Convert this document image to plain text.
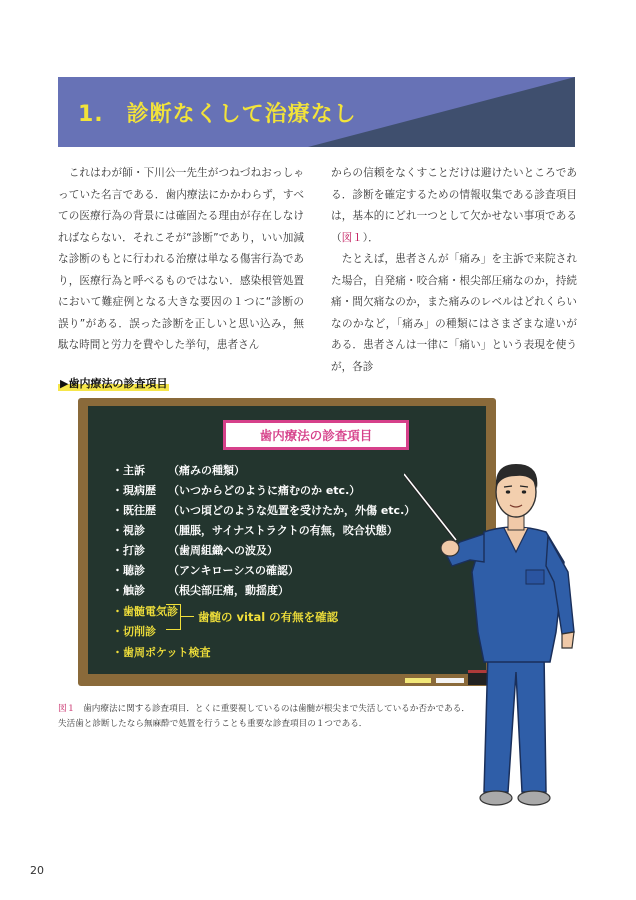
1.　診断なくして治療なし

　これはわが師・下川公一先生がつねづねおっしゃっていた名言である．歯内療法にかかわらず，すべての医療行為の背景には確固たる理由が存在しなければならない．それこそが“診断”であり，いい加減な診断のもとに行われる治療は単なる傷害行為であり，医療行為と呼べるものではない．感染根管処置において難症例となる大きな要因の１つに“診断の誤り”がある．誤った診断を正しいと思い込み，無駄な時間と労力を費やした挙句，患者さん

からの信頼をなくすことだけは避けたいところである．診断を確定するための情報収集である診査項目は，基本的にどれ一つとして欠かせない事項である（図１）．

　たとえば，患者さんが「痛み」を主訴で来院された場合，自発痛・咬合痛・根尖部圧痛なのか，持続痛・間欠痛なのか，また痛みのレベルはどれくらいなのかなど，「痛み」の種類にはさまざまな違いがある．患者さんは一律に「痛い」という表現を使うが，各診

▶歯内療法の診査項目
歯内療法の診査項目
・主訴 （痛みの種類）
・現病歴 （いつからどのように痛むのか etc.）
・既往歴 （いつ頃どのような処置を受けたか，外傷 etc.）
・視診 （腫脹，サイナストラクトの有無，咬合状態）
・打診 （歯周組織への波及）
・聴診 （アンキローシスの確認）
・触診 （根尖部圧痛，動揺度）
・歯髄電気診
・切削診
・歯周ポケット検査
歯髄の vital の有無を確認
図１ 歯内療法に関する診査項目．とくに重要視しているのは歯髄が根尖まで失活しているか否かである．失活歯と診断したなら無麻酔で処置を行うことも重要な診査項目の１つである．
20
